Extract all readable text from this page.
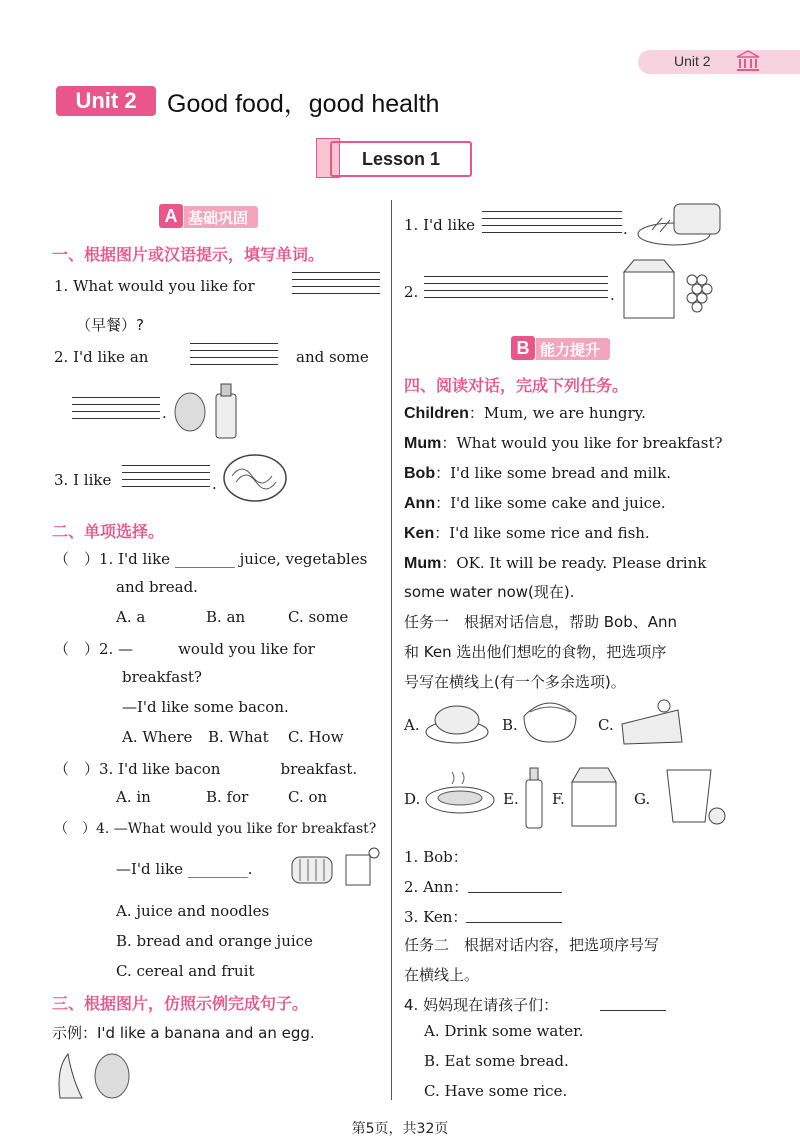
Unit 2
Unit 2	Good food，good health
Lesson 1
A 基础巩固
一、根据图片或汉语提示，填写单词。
1. What would you like for
（早餐）?
2. I'd like an	and some
.
3. I like	.
二、单项选择。
（　）1. I'd like ________ juice, vegetables
and bread.
A. a	B. an	C. some
（　）2. —　　　would you like for
breakfast?
—I'd like some bacon.
A. Where B. What C. How
（　）3. I'd like bacon　　　　breakfast.
A. in	B. for	C. on
（　）4. —What would you like for breakfast?
—I'd like ________.
A. juice and noodles
B. bread and orange juice
C. cereal and fruit
三、根据图片，仿照示例完成句子。
示例：I'd like a banana and an egg.
1. I'd like	.
2.	.
B 能力提升
四、阅读对话，完成下列任务。
Children：Mum, we are hungry.
Mum：What would you like for breakfast?
Bob：I'd like some bread and milk.
Ann：I'd like some cake and juice.
Ken：I'd like some rice and fish.
Mum：OK. It will be ready. Please drink
some water now(现在).
任务一　根据对话信息，帮助 Bob、Ann
和 Ken 选出他们想吃的食物，把选项序
号写在横线上(有一个多余选项)。
A.	B.	C.
D.	E. F.	G.
1. Bob：
2. Ann：
3. Ken：
任务二　根据对话内容，把选项序号写
在横线上。
4. 妈妈现在请孩子们：
A. Drink some water.
B. Eat some bread.
C. Have some rice.
第5页，共32页
